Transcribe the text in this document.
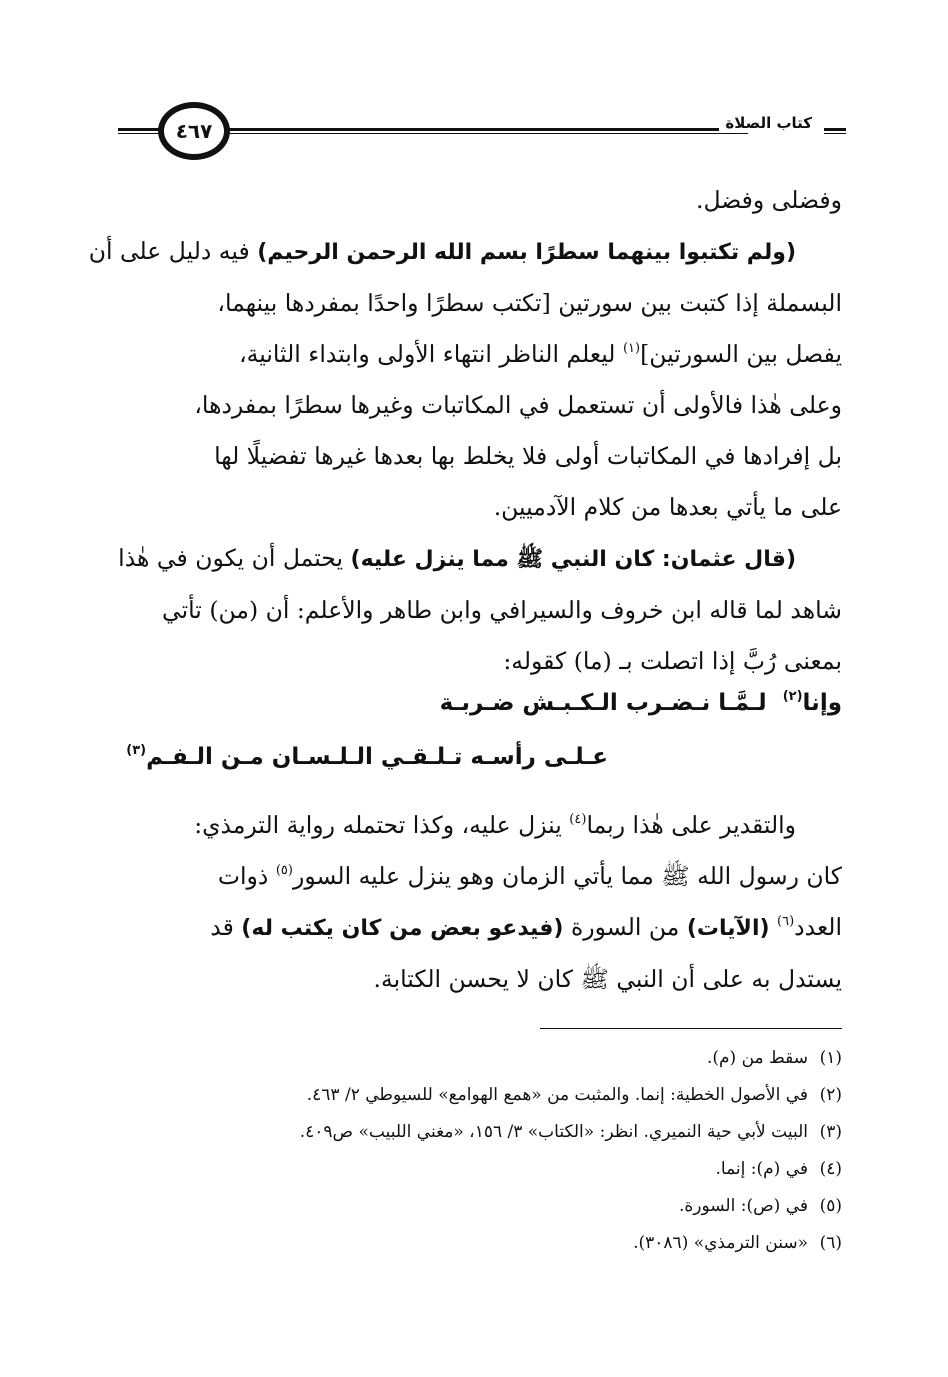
٤٦٧	كتاب الصلاة
وفضلى وفضل.
(ولم تكتبوا بينهما سطرًا بسم الله الرحمن الرحيم) فيه دليل على أن
البسملة إذا كتبت بين سورتين [تكتب سطرًا واحدًا بمفردها بينهما،
يفصل بين السورتين]$^{(١)}$ لیعلم الناظر انتهاء الأولى وابتداء الثانية،
وعلى هٰذا فالأولى أن تستعمل في المكاتبات وغيرها سطرًا بمفردها،
بل إفرادها في المكاتبات أولى فلا يخلط بها بعدها غيرها تفضيلًا لها
على ما يأتي بعدها من كلام الآدميين.
(قال عثمان: كان النبي ﷺ مما ينزل عليه) يحتمل أن يكون في هٰذا
شاهد لما قاله ابن خروف والسيرافي وابن طاهر والأعلم: أن (من) تأتي
بمعنى رُبَّ إذا اتصلت بـ (ما) كقوله:
وإنا$^{(٢)}$  لـمَّـا نـضـرب الـكـبـش ضـربـة
عـلـى رأسـه تـلـقـي الـلـسـان مـن الـفـم$^{(٣)}$
والتقدير على هٰذا ربما$^{(٤)}$ ينزل عليه، وكذا تحتمله رواية الترمذي:
كان رسول الله ﷺ مما يأتي الزمان وهو ينزل عليه السور$^{(٥)}$ ذوات
العدد$^{(٦)}$ (الآيات) من السورة (فيدعو بعض من كان يكتب له) قد
يستدل به على أن النبي ﷺ كان لا يحسن الكتابة.
(١)سقط من (م).
(٢)في الأصول الخطية: إنما. والمثبت من «همع الهوامع» للسيوطي ٢/ ٤٦٣.
(٣)البيت لأبي حية النميري. انظر: «الكتاب» ٣/ ١٥٦، «مغني اللبيب» ص٤٠٩.
(٤)في (م): إنما.
(٥)في (ص): السورة.
(٦)«سنن الترمذي» (٣٠٨٦).
